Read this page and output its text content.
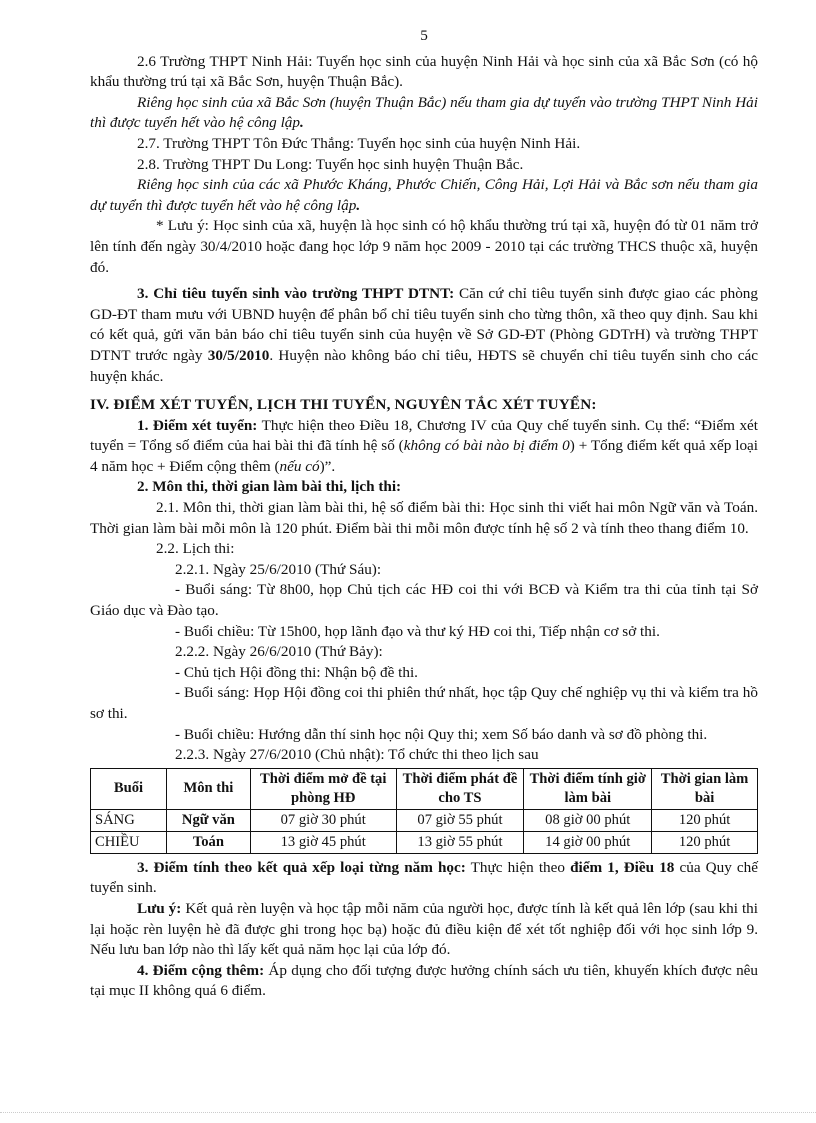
5

2.6 Trường THPT Ninh Hải: Tuyển học sinh của huyện Ninh Hải và học sinh của xã Bắc Sơn (có hộ khẩu thường trú tại xã Bắc Sơn, huyện Thuận Bắc).

Riêng học sinh của xã Bắc Sơn (huyện Thuận Bắc) nếu tham gia dự tuyển vào trường THPT Ninh Hải thì được tuyển hết vào hệ công lập.

2.7. Trường THPT Tôn Đức Thắng: Tuyển học sinh của huyện Ninh Hải.

2.8. Trường THPT Du Long: Tuyển học sinh huyện Thuận Bắc.

Riêng học sinh của các xã Phước Kháng, Phước Chiến, Công Hải, Lợi Hải và Bắc sơn nếu tham gia dự tuyển thì được tuyển hết vào hệ công lập.

* Lưu ý: Học sinh của xã, huyện là học sinh có hộ khẩu thường trú tại xã, huyện đó từ 01 năm trở lên tính đến ngày 30/4/2010 hoặc đang học lớp 9 năm học 2009 - 2010 tại các trường THCS thuộc xã, huyện đó.

3. Chỉ tiêu tuyển sinh vào trường THPT DTNT: Căn cứ chỉ tiêu tuyển sinh được giao các phòng GD-ĐT tham mưu với UBND huyện để phân bổ chỉ tiêu tuyển sinh cho từng thôn, xã theo quy định. Sau khi có kết quả, gửi văn bản báo chỉ tiêu tuyển sinh của huyện về Sở GD-ĐT (Phòng GDTrH) và trường THPT DTNT trước ngày 30/5/2010. Huyện nào không báo chỉ tiêu, HĐTS sẽ chuyển chỉ tiêu tuyển sinh cho các huyện khác.

IV. ĐIỂM XÉT TUYỂN, LỊCH THI TUYỂN, NGUYÊN TẮC XÉT TUYỂN:

1. Điểm xét tuyển: Thực hiện theo Điều 18, Chương IV của Quy chế tuyển sinh. Cụ thể: “Điểm xét tuyển = Tổng số điểm của hai bài thi đã tính hệ số (không có bài nào bị điểm 0) + Tổng điểm kết quả xếp loại 4 năm học + Điểm cộng thêm (nếu có)”.

2. Môn thi, thời gian làm bài thi, lịch thi:

2.1. Môn thi, thời gian làm bài thi, hệ số điểm bài thi: Học sinh thi viết hai môn Ngữ văn và Toán. Thời gian làm bài mỗi môn là 120 phút. Điểm bài thi mỗi môn được tính hệ số 2 và tính theo thang điểm 10.

2.2. Lịch thi:

2.2.1. Ngày 25/6/2010 (Thứ Sáu):

- Buổi sáng: Từ 8h00, họp Chủ tịch các HĐ coi thi với BCĐ và Kiểm tra thi của tỉnh tại Sở Giáo dục và Đào tạo.

- Buổi chiều: Từ 15h00, họp lãnh đạo và thư ký HĐ coi thi, Tiếp nhận cơ sở thi.

2.2.2. Ngày 26/6/2010 (Thứ Bảy):

- Chủ tịch Hội đồng thi: Nhận bộ đề thi.

- Buổi sáng: Họp Hội đồng coi thi phiên thứ nhất, học tập Quy chế nghiệp vụ thi và kiểm tra hồ sơ thi.

- Buổi chiều: Hướng dẫn thí sinh học nội Quy thi; xem Số báo danh và sơ đồ phòng thi.

2.2.3. Ngày 27/6/2010 (Chủ nhật): Tổ chức thi theo lịch sau

Buổi	Môn thi	Thời điểm mở đề tại phòng HĐ	Thời điểm phát đề cho TS	Thời điểm tính giờ làm bài	Thời gian làm bài
SÁNG	Ngữ văn	07 giờ 30 phút	07 giờ 55 phút	08 giờ 00 phút	120 phút
CHIỀU	Toán	13 giờ 45 phút	13 giờ 55 phút	14 giờ 00 phút	120 phút

3. Điểm tính theo kết quả xếp loại từng năm học: Thực hiện theo điểm 1, Điều 18 của Quy chế tuyển sinh.

Lưu ý: Kết quả rèn luyện và học tập mỗi năm của người học, được tính là kết quả lên lớp (sau khi thi lại hoặc rèn luyện hè đã được ghi trong học bạ) hoặc đủ điều kiện để xét tốt nghiệp đối với học sinh lớp 9. Nếu lưu ban lớp nào thì lấy kết quả năm học lại của lớp đó.

4. Điểm cộng thêm: Áp dụng cho đối tượng được hưởng chính sách ưu tiên, khuyến khích được nêu tại mục II không quá 6 điểm.
